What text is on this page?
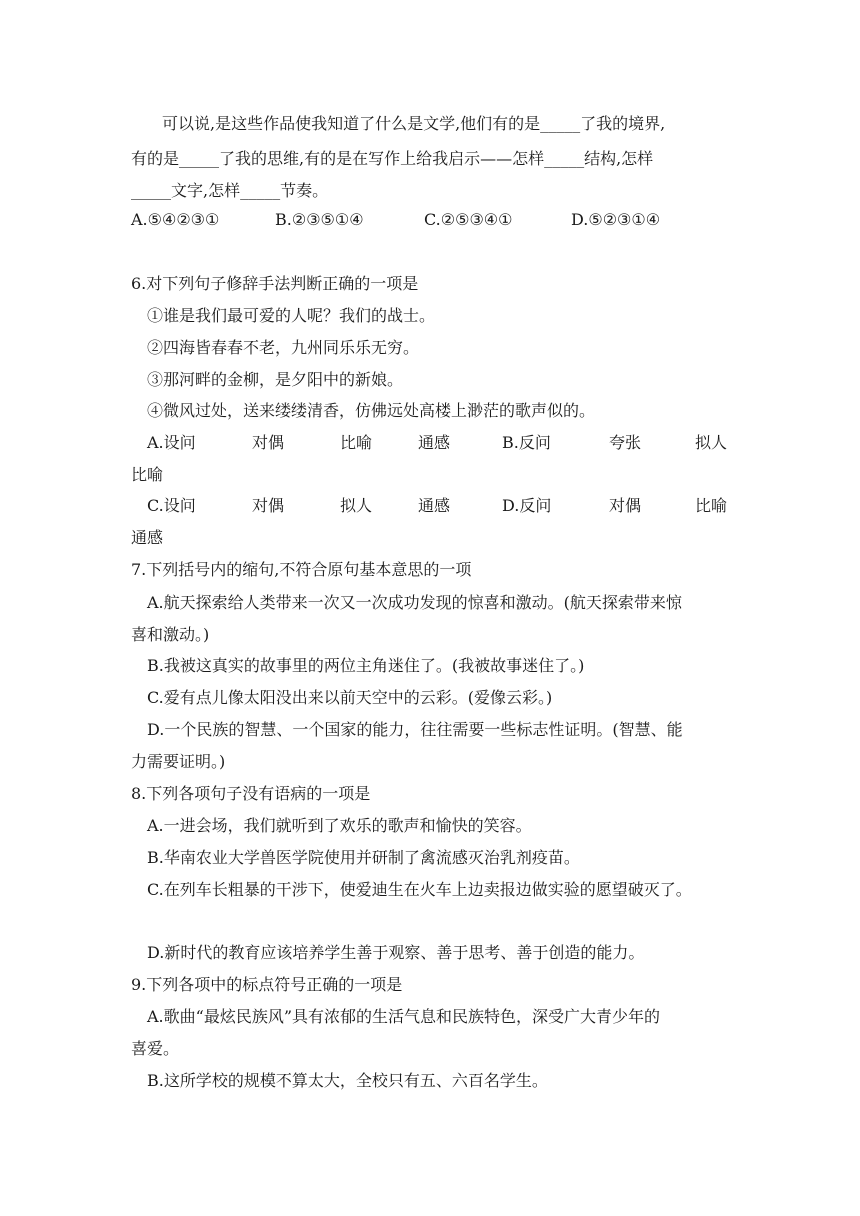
可以说,是这些作品使我知道了什么是文学,他们有的是_____了我的境界,
有的是_____了我的思维,有的是在写作上给我启示——怎样_____结构,怎样
_____文字,怎样_____节奏。
A.⑤④②③①	B.②③⑤①④	C.②⑤③④①	D.⑤②③①④
6.对下列句子修辞手法判断正确的一项是
①谁是我们最可爱的人呢？我们的战士。
②四海皆春春不老，九州同乐乐无穷。
③那河畔的金柳，是夕阳中的新娘。
④微风过处，送来缕缕清香，仿佛远处高楼上渺茫的歌声似的。
A.设问	对偶	比喻	通感	B.反问	夸张	拟人
比喻
C.设问	对偶	拟人	通感	D.反问	对偶	比喻
通感
7.下列括号内的缩句,不符合原句基本意思的一项
A.航天探索给人类带来一次又一次成功发现的惊喜和激动。(航天探索带来惊
喜和激动。)
B.我被这真实的故事里的两位主角迷住了。(我被故事迷住了。)
C.爱有点儿像太阳没出来以前天空中的云彩。(爱像云彩。)
D.一个民族的智慧、一个国家的能力，往往需要一些标志性证明。(智慧、能
力需要证明。)
8.下列各项句子没有语病的一项是
A.一进会场，我们就听到了欢乐的歌声和愉快的笑容。
B.华南农业大学兽医学院使用并研制了禽流感灭治乳剂疫苗。
C.在列车长粗暴的干涉下，使爱迪生在火车上边卖报边做实验的愿望破灭了。
D.新时代的教育应该培养学生善于观察、善于思考、善于创造的能力。
9.下列各项中的标点符号正确的一项是
A.歌曲“最炫民族风”具有浓郁的生活气息和民族特色，深受广大青少年的
喜爱。
B.这所学校的规模不算太大，全校只有五、六百名学生。
